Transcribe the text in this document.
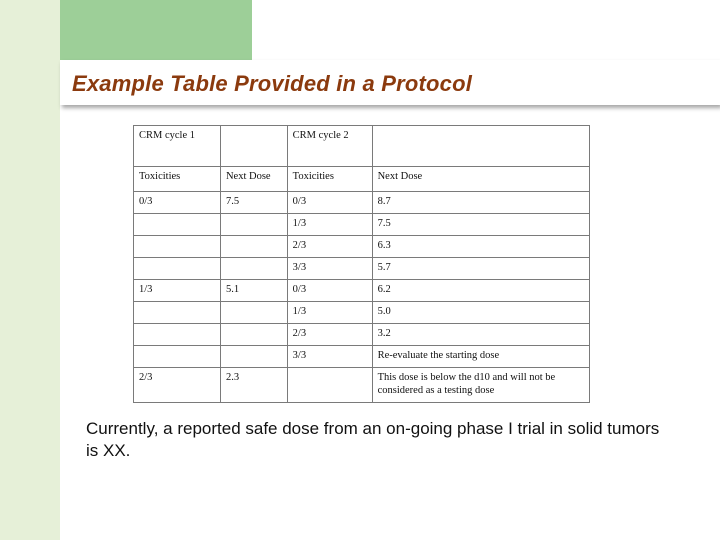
Example Table Provided in a Protocol
CRM cycle 1		CRM cycle 2	
Toxicities	Next Dose	Toxicities	Next Dose
0/3	7.5	0/3	8.7
		1/3	7.5
		2/3	6.3
		3/3	5.7
1/3	5.1	0/3	6.2
		1/3	5.0
		2/3	3.2
		3/3	Re-evaluate the starting dose
2/3	2.3		This dose is below the d10 and will not be considered as a testing dose

Currently, a reported safe dose from an on-going phase I trial in solid tumors is XX.
